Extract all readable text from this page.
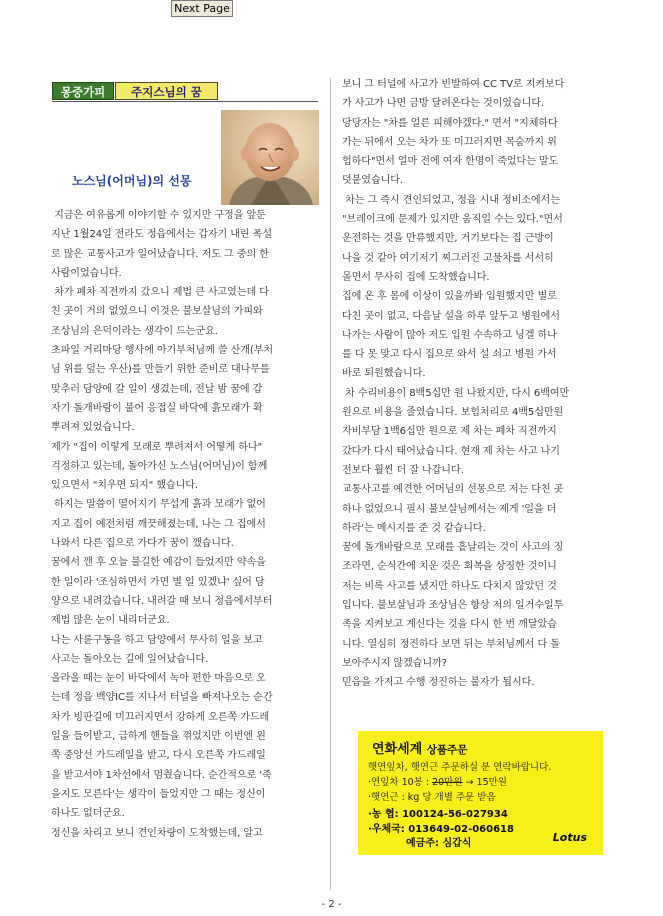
Next Page
몽중가피	주지스님의 꿈
노스님(어머님)의 선몽

지금은 여유롭게 이야기할 수 있지만 구정을 앞둔

지난 1월24일 전라도 정읍에서는 갑자기 내린 폭설

로 많은 교통사고가 일어났습니다. 저도 그 중의 한

사람이었습니다.

차가 폐차 직전까지 갔으니 제법 큰 사고였는데 다

친 곳이 거의 없었으니 이것은 불보살님의 가피와

조상님의 은덕이라는 생각이 드는군요.

초파일 거리마당 행사에 아기부처님께 쓸 산개(부처

님 위를 덮는 우산)를 만들기 위한 준비로 대나무를

맞추러 담양에 갈 일이 생겼는데, 전날 밤 꿈에 갑

자기 돌개바람이 불어 응접실 바닥에 흙모래가 확

뿌려져 있었습니다.

제가 "집이 이렇게 모래로 뿌려져서 어떻게 하나"

걱정하고 있는데, 돌아가신 노스님(어머님)이 함께

있으면서 "치우면 되지" 했습니다.

하지는 말씀이 떨어지기 무섭게 흙과 모래가 없어

지고 집이 예전처럼 깨끗해졌는데, 나는 그 집에서

나와서 다른 집으로 가다가 꿈이 깼습니다.

꿈에서 깬 후 오늘 불길한 예감이 들었지만 약속을

한 일이라 '조심하면서 가면 별 일 있겠냐' 싶어 담

양으로 내려갔습니다. 내려갈 때 보니 정읍에서부터

제법 많은 눈이 내리더군요.

나는 사륜구동을 하고 담양에서 무사히 일을 보고

사고는 돌아오는 길에 일어났습니다.

올라올 때는 눈이 바닥에서 녹아 편한 마음으로 오

는데 정읍 백양IC를 지나서 터널을 빠져나오는 순간

차가 빙판길에 미끄러지면서 강하게 오른쪽 가드레

일을 들이받고, 급하게 핸들을 꺾었지만 이번엔 왼

쪽 중앙선 가드레일을 받고, 다시 오른쪽 가드레일

을 받고서야 1차선에서 멈췄습니다. 순간적으로 '죽

을지도 모른다'는 생각이 들었지만 그 때는 정신이

하나도 없더군요.

정신을 차리고 보니 견인차량이 도착했는데, 알고

보니 그 터널에 사고가 빈발하여 CC TV로 지켜보다

가 사고가 나면 금방 달려온다는 것이었습니다.

당당자는 "차를 얼른 피해야겠다." 면서 "지체하다

가는 뒤에서 오는 차가 또 미끄러지면 목숨까지 위

험하다"면서 얼마 전에 여자 한명이 죽었다는 말도

덧붙였습니다.

차는 그 즉시 견인되었고, 정읍 시내 정비소에서는

"브레이크에 문제가 있지만 움직일 수는 있다."면서

운전하는 것을 만류했지만, 거기보다는 집 근방이

나을 것 같아 여기저기 찌그러진 고물차를 서서히

몰면서 무사히 집에 도착했습니다.

집에 온 후 몸에 이상이 있을까봐 입원했지만 별로

다친 곳이 없고, 다음날 설을 하루 앞두고 병원에서

나가는 사람이 많아 저도 입원 수속하고 닝겔 하나

를 다 못 맞고 다시 집으로 와서 설 쇠고 병원 가서

바로 퇴원했습니다.

차 수리비용이 8백5십만 원 나왔지만, 다시 6백여만

원으로 비용을 줄였습니다. 보험처리로 4백5십만원

자비부담 1백6십만 원으로 제 차는 폐차 직전까지

갔다가 다시 태어났습니다. 현재 제 차는 사고 나기

전보다 훨씬 더 잘 나갑니다.

교통사고를 예견한 어머님의 선몽으로 저는 다친 곳

하나 없었으니 필시 불보살님께서는 제게 '일을 더

하라'는 메시지를 준 것 같습니다.

꿈에 돌개바람으로 모래를 흩날리는 것이 사고의 징

조라면, 순식간에 치운 것은 회복을 상징한 것이니

저는 비록 사고를 냈지만 하나도 다치지 않았던 것

입니다. 불보살님과 조상님은 항상 저의 일거수일투

족을 지켜보고 계신다는 것을 다시 한 번 깨달았습

니다. 열심히 정진하다 보면 뒤는 부처님께서 다 돌

보아주시지 않겠습니까?

믿음을 가지고 수행 정진하는 불자가 됩시다.

연화세계 상품주문
햇연잎차, 햇연근 주문하실 분 연락바랍니다.
·연잎차 10봉 : 20만원 → 15만원
·햇연근 : kg 당 개별 주문 받음
·농 협: 100124-56-027934
·우체국: 013649-02-060618
예금주: 심갑식	Lotus
- 2 -
